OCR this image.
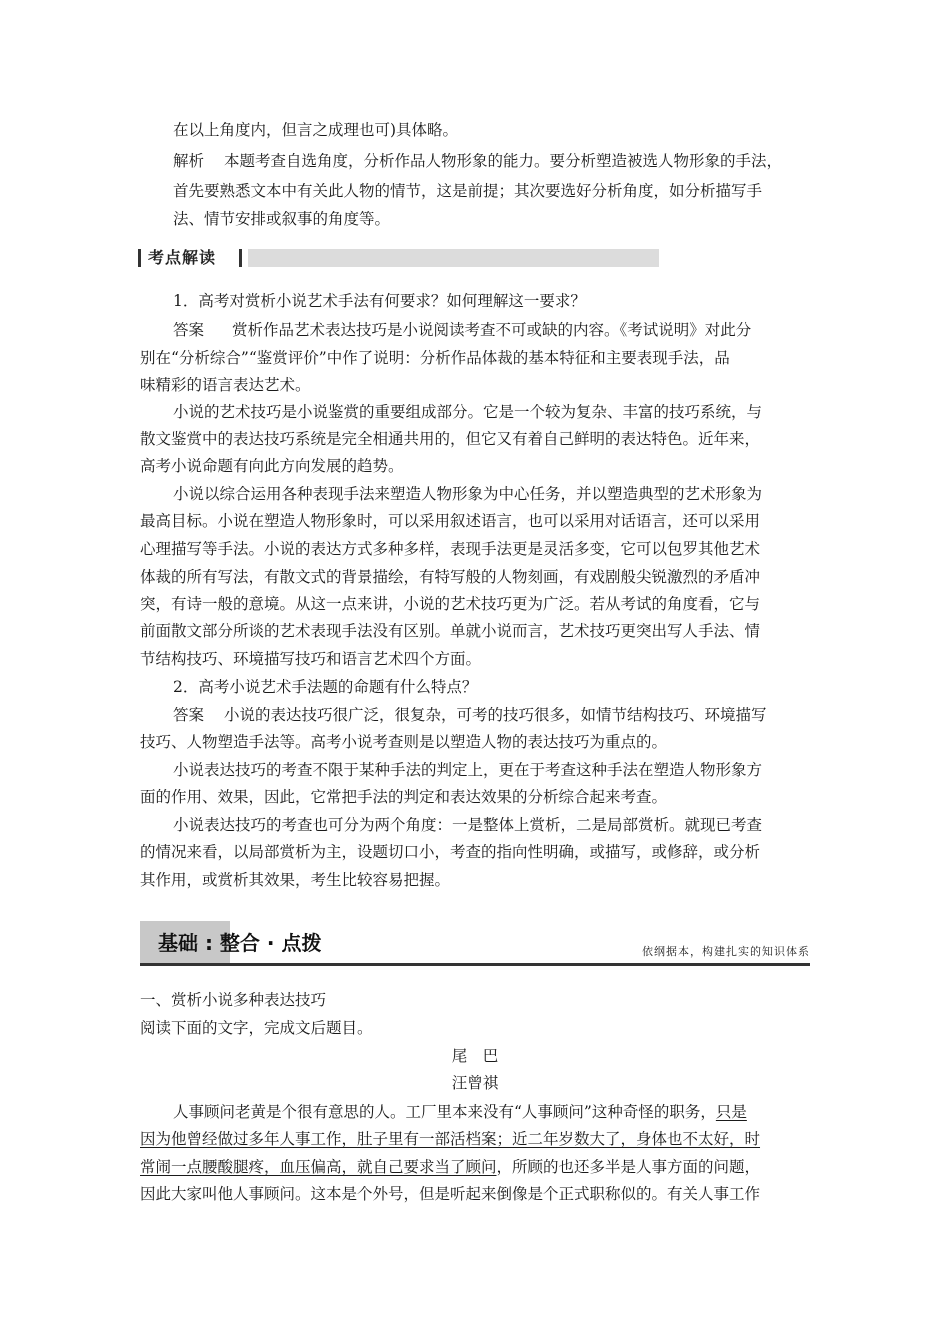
在以上角度内，但言之成理也可)具体略。
解析 本题考查自选角度，分析作品人物形象的能力。要分析塑造被选人物形象的手法，
首先要熟悉文本中有关此人物的情节，这是前提；其次要选好分析角度，如分析描写手
法、情节安排或叙事的角度等。
考点解读
1．高考对赏析小说艺术手法有何要求？如何理解这一要求？
答案 赏析作品艺术表达技巧是小说阅读考查不可或缺的内容。《考试说明》对此分
别在“分析综合”“鉴赏评价”中作了说明：分析作品体裁的基本特征和主要表现手法，品
味精彩的语言表达艺术。
小说的艺术技巧是小说鉴赏的重要组成部分。它是一个较为复杂、丰富的技巧系统，与
散文鉴赏中的表达技巧系统是完全相通共用的，但它又有着自己鲜明的表达特色。近年来，
高考小说命题有向此方向发展的趋势。
小说以综合运用各种表现手法来塑造人物形象为中心任务，并以塑造典型的艺术形象为
最高目标。小说在塑造人物形象时，可以采用叙述语言，也可以采用对话语言，还可以采用
心理描写等手法。小说的表达方式多种多样，表现手法更是灵活多变，它可以包罗其他艺术
体裁的所有写法，有散文式的背景描绘，有特写般的人物刻画，有戏剧般尖锐激烈的矛盾冲
突，有诗一般的意境。从这一点来讲，小说的艺术技巧更为广泛。若从考试的角度看，它与
前面散文部分所谈的艺术表现手法没有区别。单就小说而言，艺术技巧更突出写人手法、情
节结构技巧、环境描写技巧和语言艺术四个方面。
2．高考小说艺术手法题的命题有什么特点？
答案 小说的表达技巧很广泛，很复杂，可考的技巧很多，如情节结构技巧、环境描写
技巧、人物塑造手法等。高考小说考查则是以塑造人物的表达技巧为重点的。
小说表达技巧的考查不限于某种手法的判定上，更在于考查这种手法在塑造人物形象方
面的作用、效果，因此，它常把手法的判定和表达效果的分析综合起来考查。
小说表达技巧的考查也可分为两个角度：一是整体上赏析，二是局部赏析。就现已考查
的情况来看，以局部赏析为主，设题切口小，考查的指向性明确，或描写，或修辞，或分析
其作用，或赏析其效果，考生比较容易把握。
基础 : 整合 · 点拨	依纲据本，构建扎实的知识体系
一、赏析小说多种表达技巧
阅读下面的文字，完成文后题目。
尾　巴
汪曾祺
人事顾问老黄是个很有意思的人。工厂里本来没有“人事顾问”这种奇怪的职务，只是
因为他曾经做过多年人事工作，肚子里有一部活档案；近二年岁数大了，身体也不太好，时
常闹一点腰酸腿疼，血压偏高，就自己要求当了顾问，所顾的也还多半是人事方面的问题，
因此大家叫他人事顾问。这本是个外号，但是听起来倒像是个正式职称似的。有关人事工作
